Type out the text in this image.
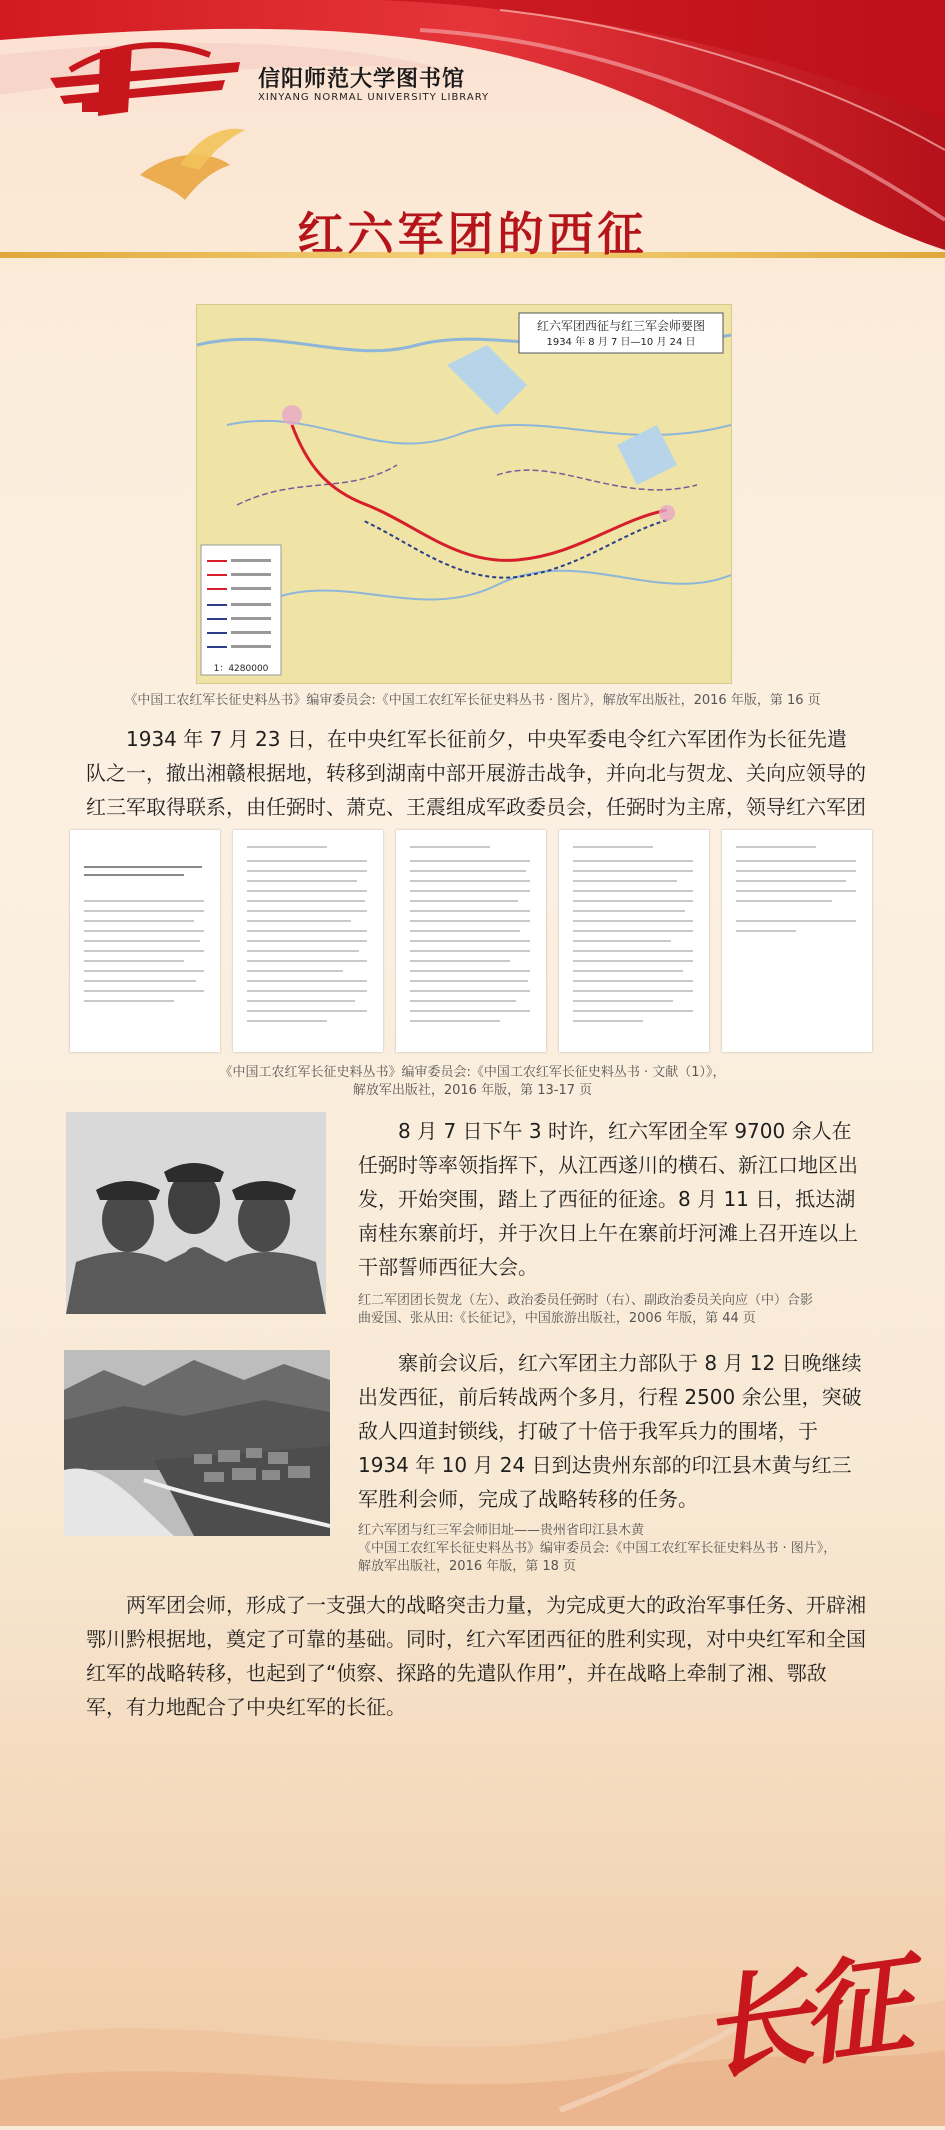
信阳师范大学图书馆
XINYANG NORMAL UNIVERSITY LIBRARY
红六军团的西征
红六军团西征与红三军会师要图
1934 年 8 月 7 日—10 月 24 日
1：4280000
《中国工农红军长征史料丛书》编审委员会:《中国工农红军长征史料丛书 · 图片》，解放军出版社，2016 年版，第 16 页
1934 年 7 月 23 日，在中央红军长征前夕，中央军委电令红六军团作为长征先遣队之一，撤出湘赣根据地，转移到湖南中部开展游击战争，并向北与贺龙、关向应领导的红三军取得联系，由任弼时、萧克、王震组成军政委员会，任弼时为主席，领导红六军团
《中国工农红军长征史料丛书》编审委员会:《中国工农红军长征史料丛书 · 文献（1）》，
解放军出版社，2016 年版，第 13-17 页
8 月 7 日下午 3 时许，红六军团全军 9700 余人在任弼时等率领指挥下，从江西遂川的横石、新江口地区出发，开始突围，踏上了西征的征途。8 月 11 日，抵达湖南桂东寨前圩，并于次日上午在寨前圩河滩上召开连以上干部誓师西征大会。
红二军团团长贺龙（左）、政治委员任弼时（右）、副政治委员关向应（中）合影
曲爱国、张从田:《长征记》，中国旅游出版社，2006 年版，第 44 页
寨前会议后，红六军团主力部队于 8 月 12 日晚继续出发西征，前后转战两个多月，行程 2500 余公里，突破敌人四道封锁线，打破了十倍于我军兵力的围堵，于 1934 年 10 月 24 日到达贵州东部的印江县木黄与红三军胜利会师，完成了战略转移的任务。
红六军团与红三军会师旧址——贵州省印江县木黄
《中国工农红军长征史料丛书》编审委员会:《中国工农红军长征史料丛书 · 图片》，
解放军出版社，2016 年版，第 18 页
两军团会师，形成了一支强大的战略突击力量，为完成更大的政治军事任务、开辟湘鄂川黔根据地，奠定了可靠的基础。同时，红六军团西征的胜利实现，对中央红军和全国红军的战略转移，也起到了“侦察、探路的先遣队作用”，并在战略上牵制了湘、鄂敌军，有力地配合了中央红军的长征。
长征
